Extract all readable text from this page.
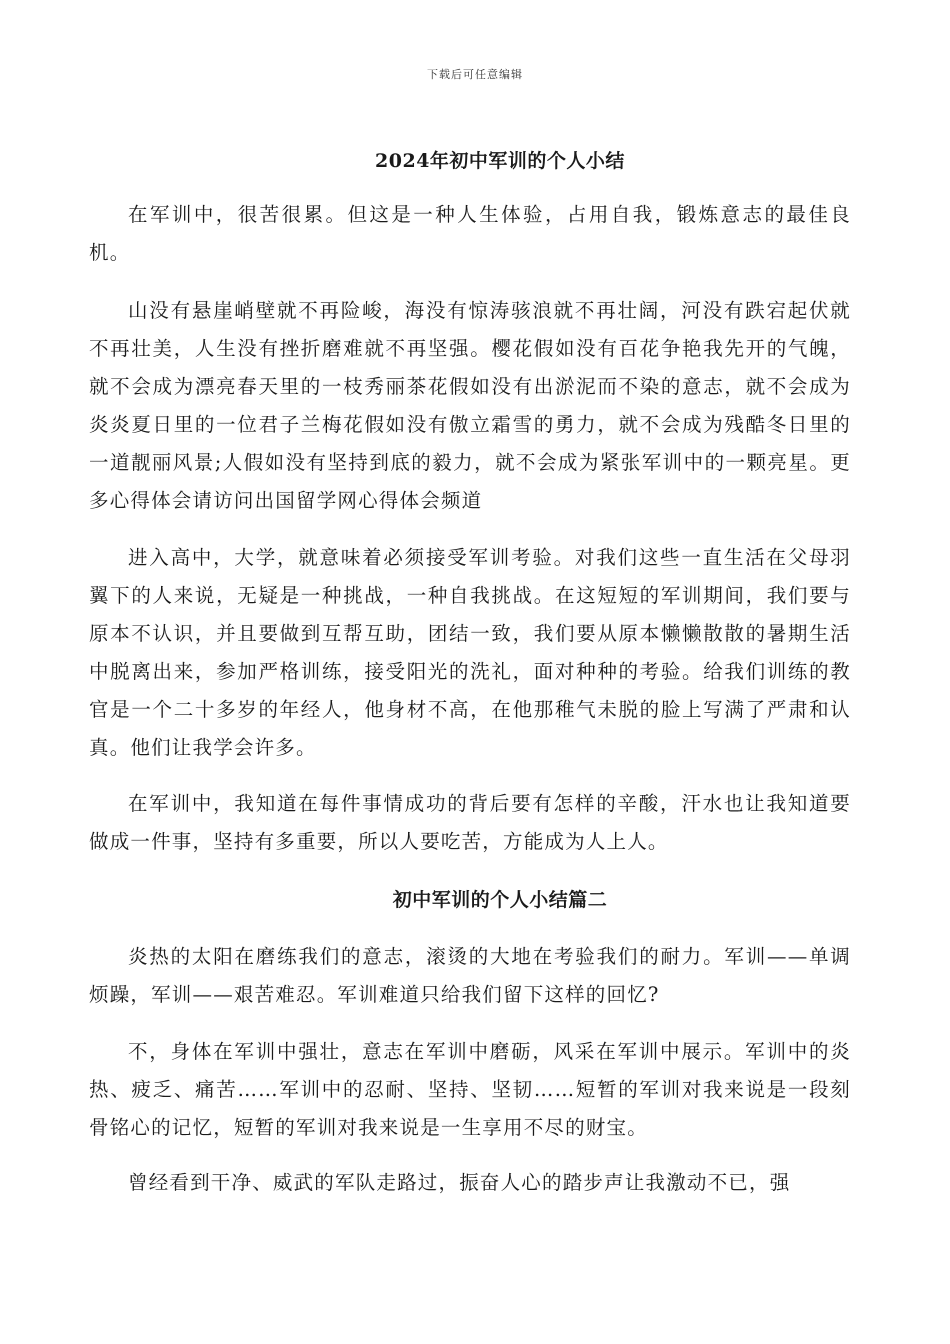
下载后可任意编辑
2024年初中军训的个人小结

在军训中，很苦很累。但这是一种人生体验，占用自我，锻炼意志的最佳良机。

山没有悬崖峭壁就不再险峻，海没有惊涛骇浪就不再壮阔，河没有跌宕起伏就不再壮美，人生没有挫折磨难就不再坚强。樱花假如没有百花争艳我先开的气魄，就不会成为漂亮春天里的一枝秀丽茶花假如没有出淤泥而不染的意志，就不会成为炎炎夏日里的一位君子兰梅花假如没有傲立霜雪的勇力，就不会成为残酷冬日里的一道靓丽风景;人假如没有坚持到底的毅力，就不会成为紧张军训中的一颗亮星。更多心得体会请访问出国留学网心得体会频道

进入高中，大学，就意味着必须接受军训考验。对我们这些一直生活在父母羽翼下的人来说，无疑是一种挑战，一种自我挑战。在这短短的军训期间，我们要与原本不认识，并且要做到互帮互助，团结一致，我们要从原本懒懒散散的暑期生活中脱离出来，参加严格训练，接受阳光的洗礼，面对种种的考验。给我们训练的教官是一个二十多岁的年经人，他身材不高，在他那稚气未脱的脸上写满了严肃和认真。他们让我学会许多。

在军训中，我知道在每件事情成功的背后要有怎样的辛酸，汗水也让我知道要做成一件事，坚持有多重要，所以人要吃苦，方能成为人上人。

初中军训的个人小结篇二

炎热的太阳在磨练我们的意志，滚烫的大地在考验我们的耐力。军训——单调烦躁，军训——艰苦难忍。军训难道只给我们留下这样的回忆?

不，身体在军训中强壮，意志在军训中磨砺，风采在军训中展示。军训中的炎热、疲乏、痛苦……军训中的忍耐、坚持、坚韧……短暂的军训对我来说是一段刻骨铭心的记忆，短暂的军训对我来说是一生享用不尽的财宝。

曾经看到干净、威武的军队走路过，振奋人心的踏步声让我激动不已，强
